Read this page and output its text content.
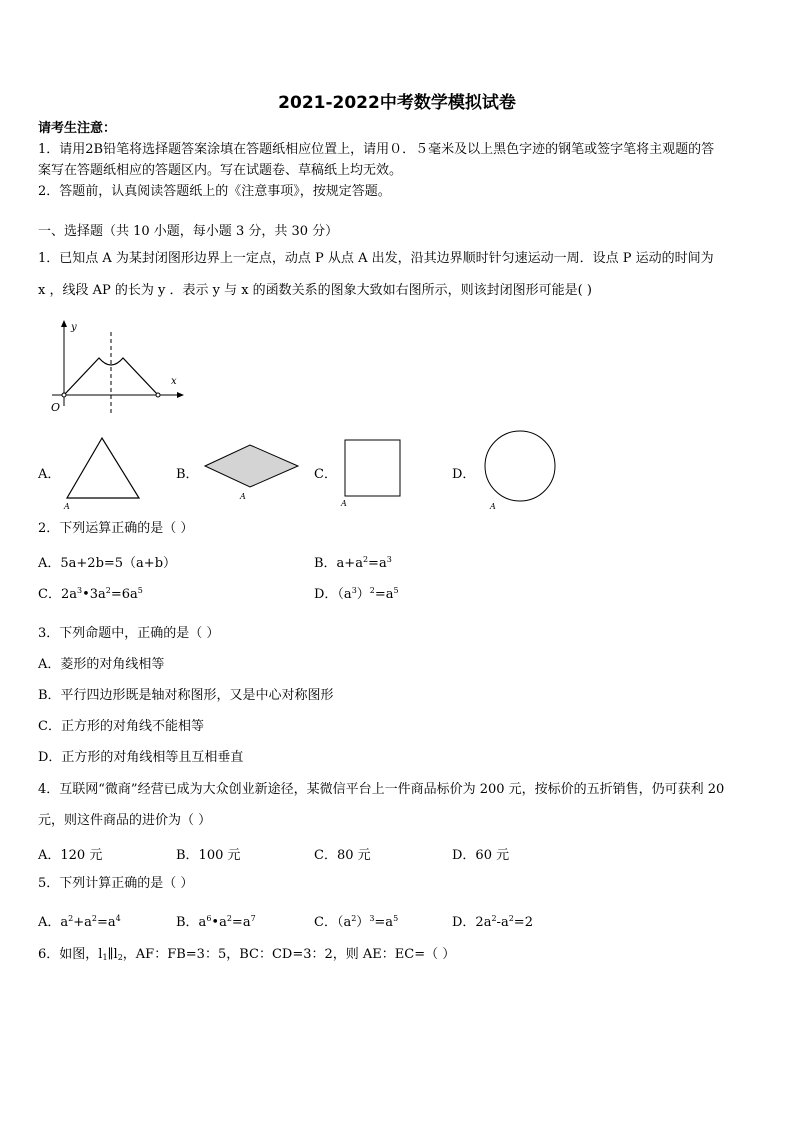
2021-2022中考数学模拟试卷
请考生注意：
1．请用2B铅笔将选择题答案涂填在答题纸相应位置上，请用０．５毫米及以上黑色字迹的钢笔或签字笔将主观题的答
案写在答题纸相应的答题区内。写在试题卷、草稿纸上均无效。
2．答题前，认真阅读答题纸上的《注意事项》，按规定答题。
一、选择题（共 10 小题，每小题 3 分，共 30 分）
1．已知点 A 为某封闭图形边界上一定点，动点 P 从点 A 出发，沿其边界顺时针匀速运动一周．设点 P 运动的时间为
x ，线段 AP 的长为 y ．表示 y 与 x 的函数关系的图象大致如右图所示，则该封闭图形可能是( )
y
x
O
A．
A
B．
A
C．
A
D．
A
2．下列运算正确的是（ ）
A．5a+2b=5（a+b）	B．$a+a^2=a^3$
C．$2a^3•3a^2=6a^5$	D．$(a^3)^2=a^5$
3．下列命题中，正确的是（ ）
A．菱形的对角线相等
B．平行四边形既是轴对称图形，又是中心对称图形
C．正方形的对角线不能相等
D．正方形的对角线相等且互相垂直
4．互联网“微商”经营已成为大众创业新途径，某微信平台上一件商品标价为 200 元，按标价的五折销售，仍可获利 20
元，则这件商品的进价为（ ）
A．120 元	B．100 元	C．80 元	D．60 元
5．下列计算正确的是（ ）
A．$a^2+a^2=a^4$	B．$a^6•a^2=a^7$	C．$(a^2)^3=a^5$	D．$2a^2-a^2=2$
6．如图，$l_1\parallel l_2$，AF：FB=3：5，BC：CD=3：2，则 AE：EC=（ ）
